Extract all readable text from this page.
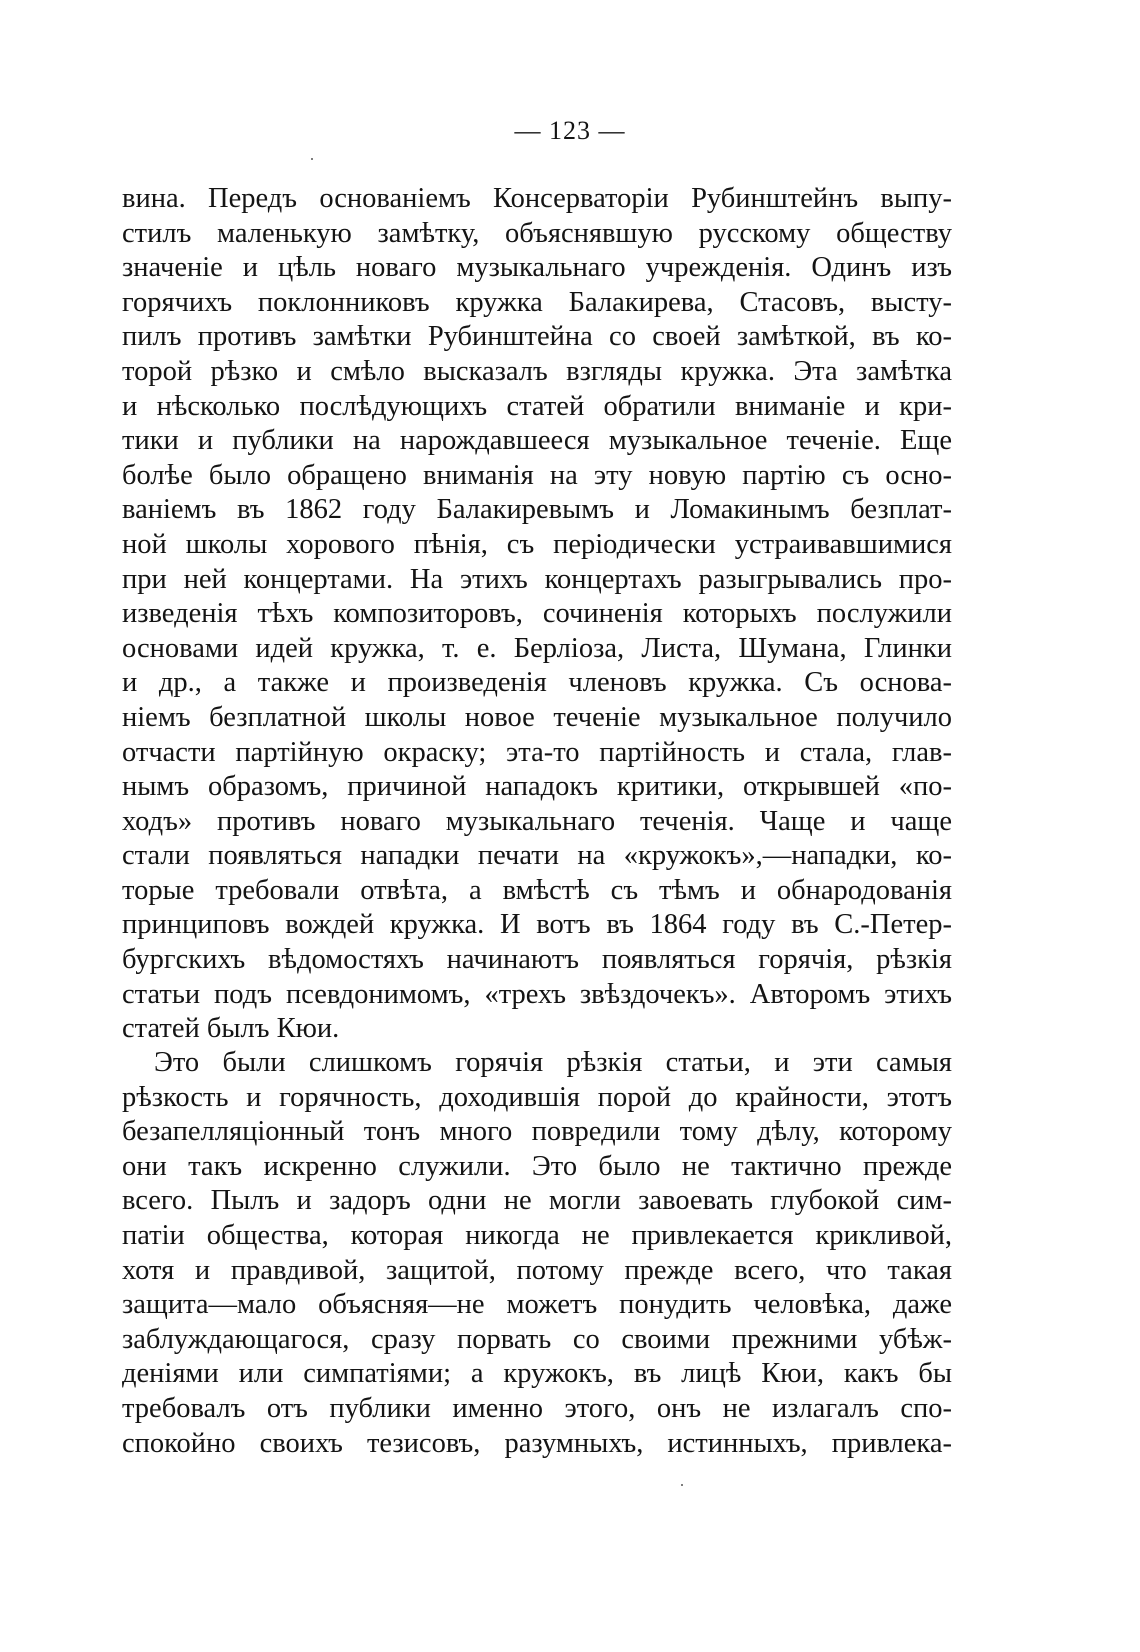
— 123 —
вина. Передъ основаніемъ Консерваторіи Рубинштейнъ выпу-
стилъ маленькую замѣтку, объяснявшую русскому обществу
значеніе и цѣль новаго музыкальнаго учрежденія. Одинъ изъ
горячихъ поклонниковъ кружка Балакирева, Стасовъ, высту-
пилъ противъ замѣтки Рубинштейна со своей замѣткой, въ ко-
торой рѣзко и смѣло высказалъ взгляды кружка. Эта замѣтка
и нѣсколько послѣдующихъ статей обратили вниманіе и кри-
тики и публики на нарождавшееся музыкальное теченіе. Еще
болѣе было обращено вниманія на эту новую партію съ осно-
ваніемъ въ 1862 году Балакиревымъ и Ломакинымъ безплат-
ной школы хорового пѣнія, съ періодически устраивавшимися
при ней концертами. На этихъ концертахъ разыгрывались про-
изведенія тѣхъ композиторовъ, сочиненія которыхъ послужили
основами идей кружка, т. е. Берліоза, Листа, Шумана, Глинки
и др., а также и произведенія членовъ кружка. Съ основа-
ніемъ безплатной школы новое теченіе музыкальное получило
отчасти партійную окраску; эта-то партійность и стала, глав-
нымъ образомъ, причиной нападокъ критики, открывшей «по-
ходъ» противъ новаго музыкальнаго теченія. Чаще и чаще
стали появляться нападки печати на «кружокъ»,—нападки, ко-
торые требовали отвѣта, а вмѣстѣ съ тѣмъ и обнародованія
принциповъ вождей кружка. И вотъ въ 1864 году въ С.-Петер-
бургскихъ вѣдомостяхъ начинаютъ появляться горячія, рѣзкія
статьи подъ псевдонимомъ, «трехъ звѣздочекъ». Авторомъ этихъ
статей былъ Кюи.
Это были слишкомъ горячія рѣзкія статьи, и эти самыя
рѣзкость и горячность, доходившія порой до крайности, этотъ
безапелляціонный тонъ много повредили тому дѣлу, которому
они такъ искренно служили. Это было не тактично прежде
всего. Пылъ и задоръ одни не могли завоевать глубокой сим-
патіи общества, которая никогда не привлекается крикливой,
хотя и правдивой, защитой, потому прежде всего, что такая
защита—мало объясняя—не можетъ понудить человѣка, даже
заблуждающагося, сразу порвать со своими прежними убѣж-
деніями или симпатіями; а кружокъ, въ лицѣ Кюи, какъ бы
требовалъ отъ публики именно этого, онъ не излагалъ спо-
спокойно своихъ тезисовъ, разумныхъ, истинныхъ, привлека-
